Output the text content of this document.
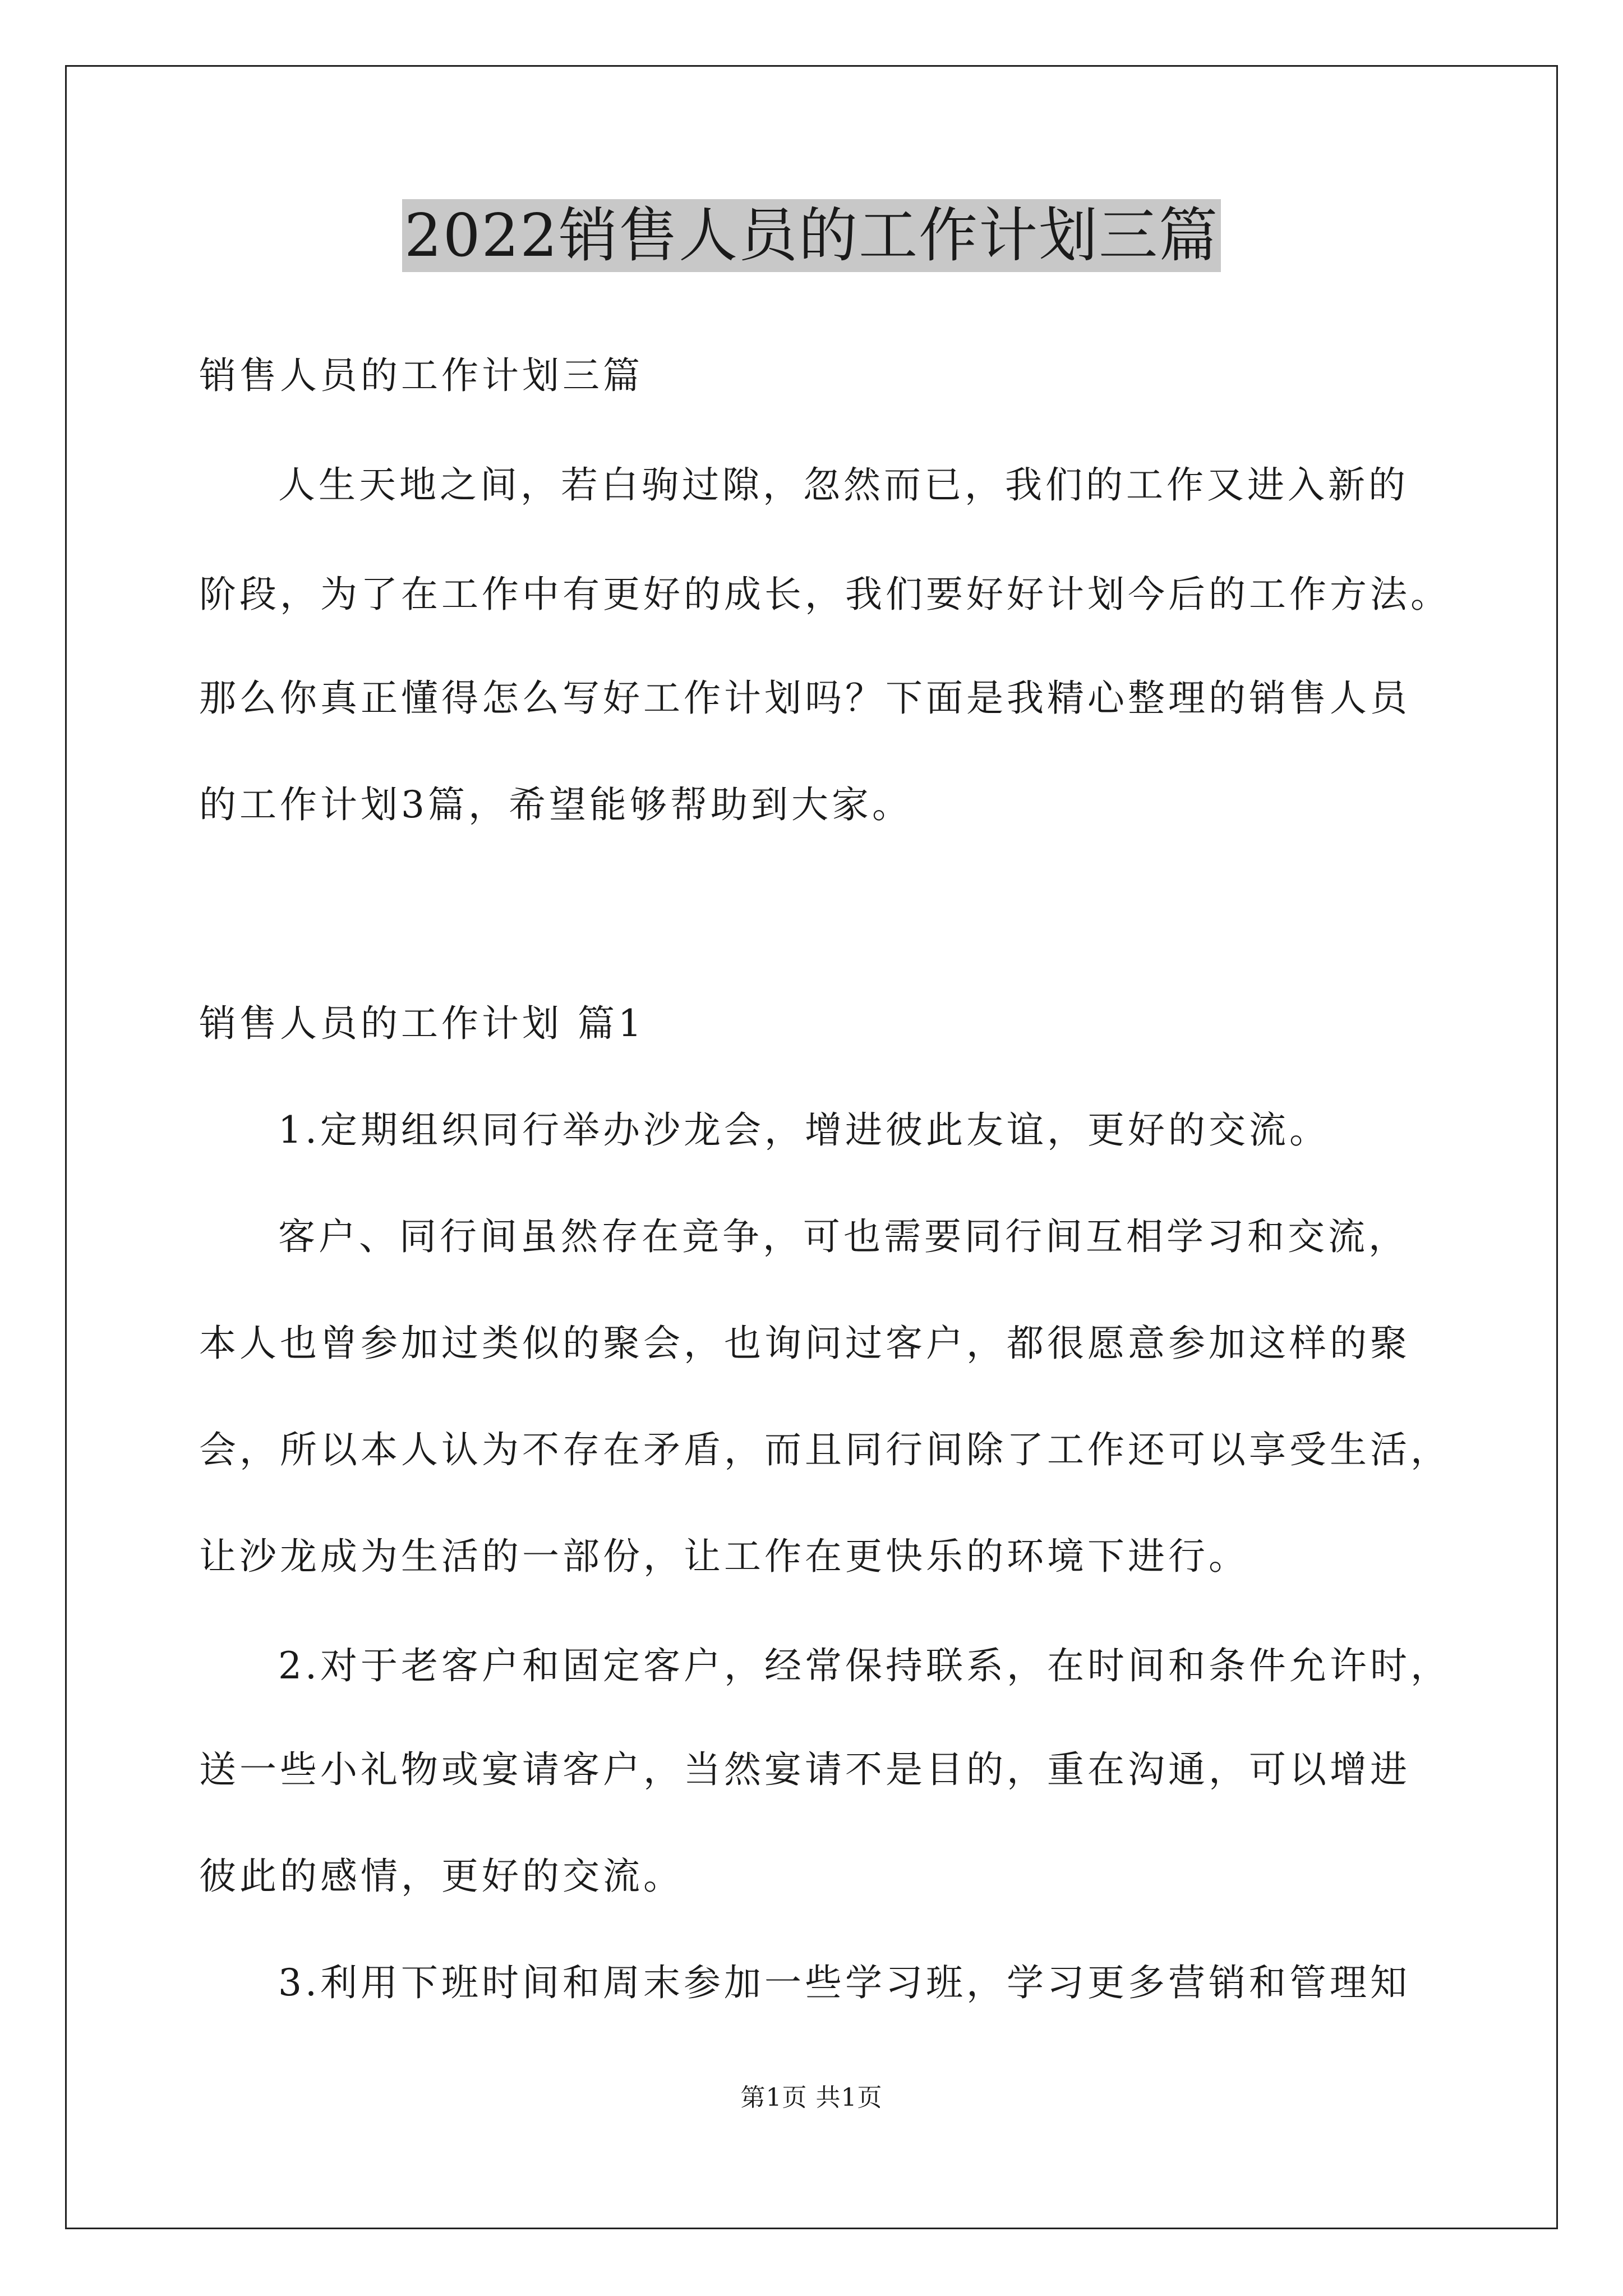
2022销售人员的工作计划三篇
销售人员的工作计划三篇
人生天地之间，若白驹过隙，忽然而已，我们的工作又进入新的
阶段，为了在工作中有更好的成长，我们要好好计划今后的工作方法。
那么你真正懂得怎么写好工作计划吗？下面是我精心整理的销售人员
的工作计划3篇，希望能够帮助到大家。
销售人员的工作计划 篇1
1.定期组织同行举办沙龙会，增进彼此友谊，更好的交流。
客户、同行间虽然存在竞争，可也需要同行间互相学习和交流，
本人也曾参加过类似的聚会，也询问过客户，都很愿意参加这样的聚
会，所以本人认为不存在矛盾，而且同行间除了工作还可以享受生活，
让沙龙成为生活的一部份，让工作在更快乐的环境下进行。
2.对于老客户和固定客户，经常保持联系，在时间和条件允许时，
送一些小礼物或宴请客户，当然宴请不是目的，重在沟通，可以增进
彼此的感情，更好的交流。
3.利用下班时间和周末参加一些学习班，学习更多营销和管理知
第1页 共1页
